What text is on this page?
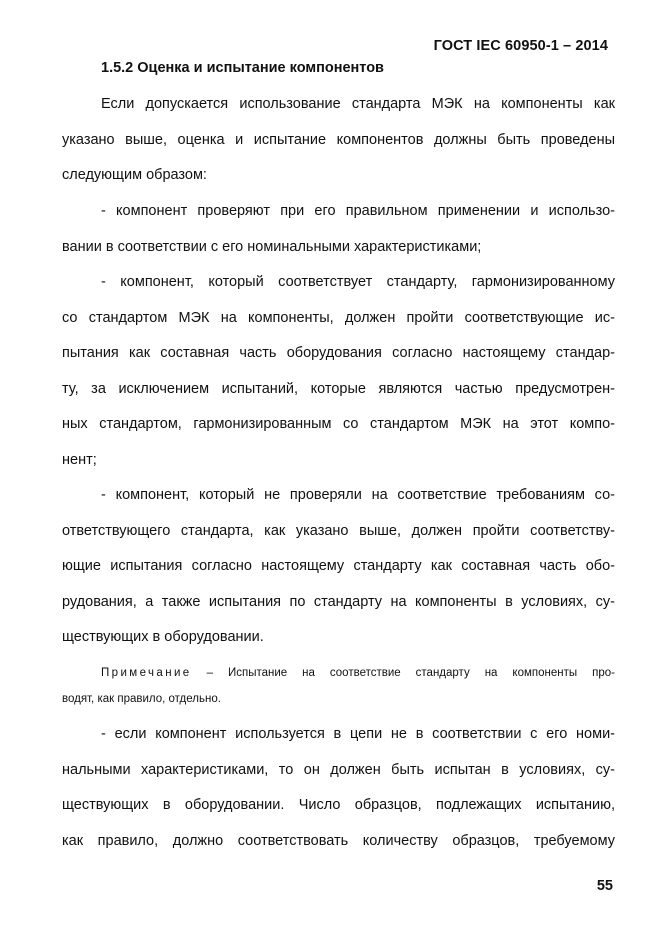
ГОСТ IEC 60950-1 – 2014
1.5.2 Оценка и испытание компонентов
Если допускается использование стандарта МЭК на компоненты как
указано выше, оценка и испытание компонентов должны быть проведены
следующим образом:
- компонент проверяют при его правильном применении и использо-
вании в соответствии с его номинальными характеристиками;
- компонент, который соответствует стандарту, гармонизированному
со стандартом МЭК на компоненты, должен пройти соответствующие ис-
пытания как составная часть оборудования согласно настоящему стандар-
ту, за исключением испытаний, которые являются частью предусмотрен-
ных стандартом, гармонизированным со стандартом МЭК на этот компо-
нент;
- компонент, который не проверяли на соответствие требованиям со-
ответствующего стандарта, как указано выше, должен пройти соответству-
ющие испытания согласно настоящему стандарту как составная часть обо-
рудования, а также испытания по стандарту на компоненты в условиях, су-
ществующих в оборудовании.
Примечание – Испытание на соответствие стандарту на компоненты про-
водят, как правило, отдельно.
- если компонент используется в цепи не в соответствии с его номи-
нальными характеристиками, то он должен быть испытан в условиях, су-
ществующих в оборудовании. Число образцов, подлежащих испытанию,
как правило, должно соответствовать количеству образцов, требуемому
55
